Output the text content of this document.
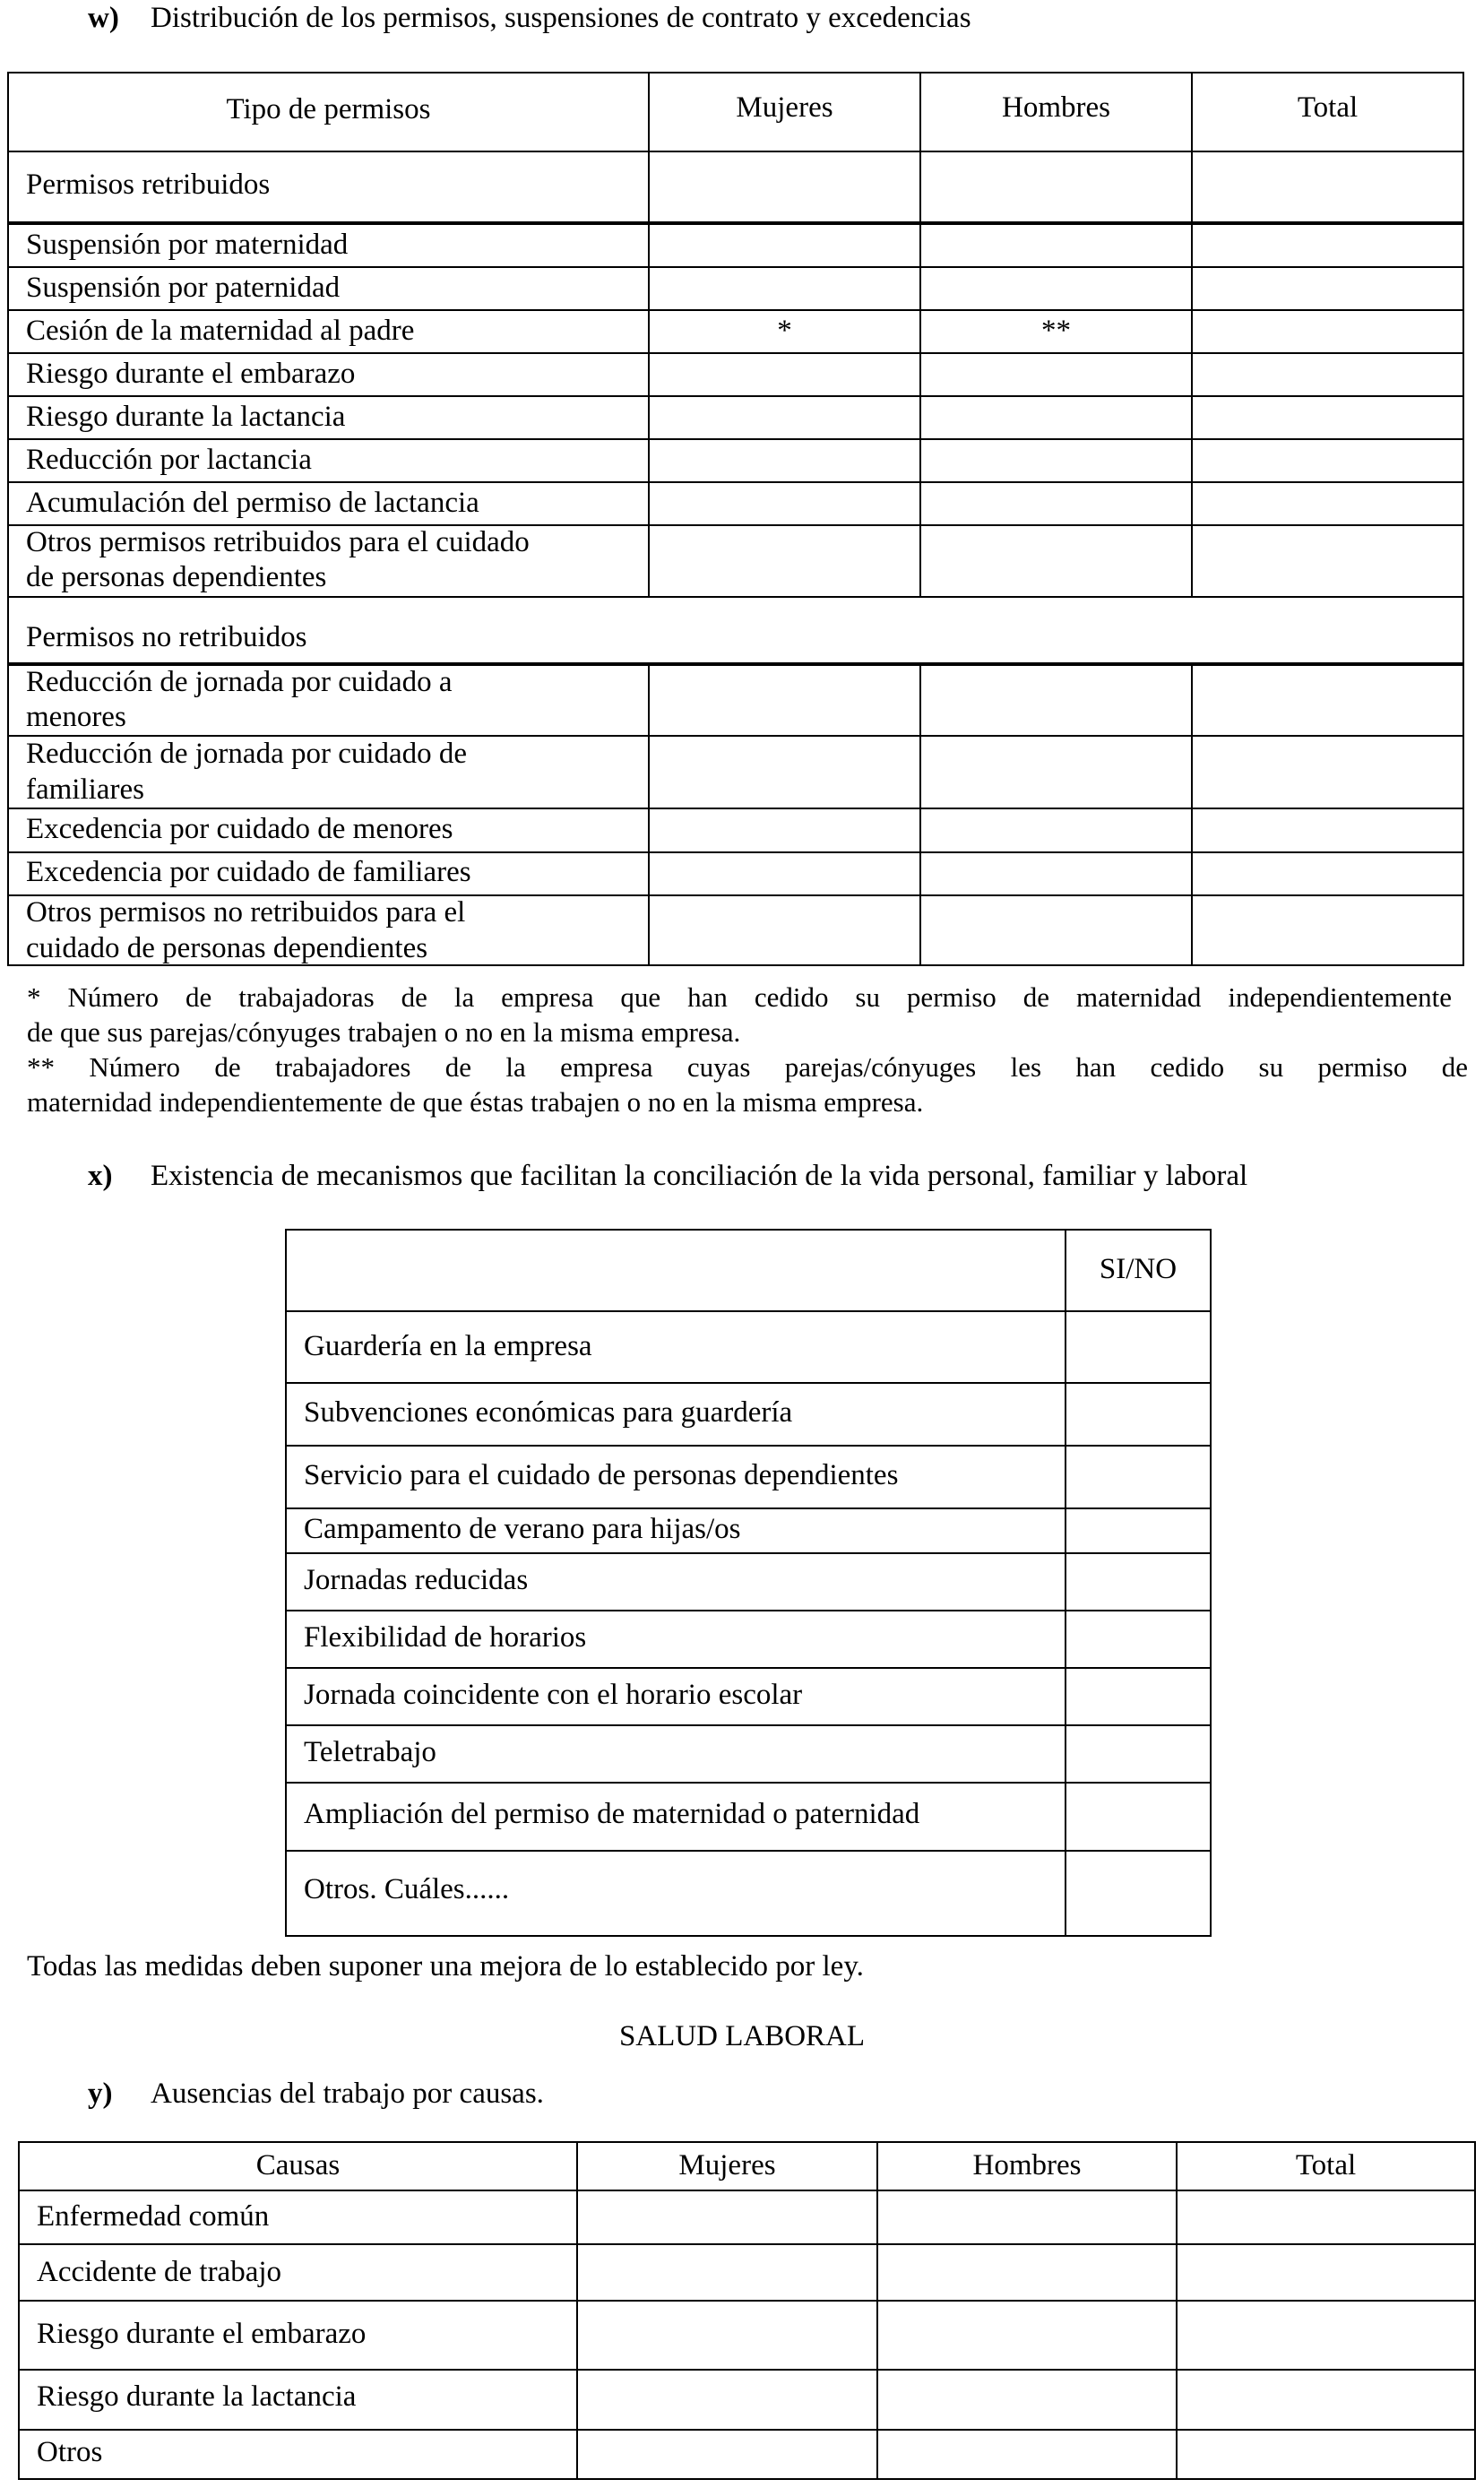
w) Distribución de los permisos, suspensiones de contrato y excedencias
Tipo de permisos	Mujeres	Hombres	Total
Permisos retribuidos
Suspensión por maternidad
Suspensión por paternidad
Cesión de la maternidad al padre	*	**
Riesgo durante el embarazo
Riesgo durante la lactancia
Reducción por lactancia
Acumulación del permiso de lactancia
Otros permisos retribuidos para el cuidado
de personas dependientes
Permisos no retribuidos
Reducción de jornada por cuidado a
menores
Reducción de jornada por cuidado de
familiares
Excedencia por cuidado de menores
Excedencia por cuidado de familiares
Otros permisos no retribuidos para el
cuidado de personas dependientes
* Número de trabajadoras de la empresa que han cedido su permiso de maternidad independientemente
de que sus parejas/cónyuges trabajen o no en la misma empresa.
** Número de trabajadores de la empresa cuyas parejas/cónyuges les han cedido su permiso de
maternidad independientemente de que éstas trabajen o no en la misma empresa.
x) Existencia de mecanismos que facilitan la conciliación de la vida personal, familiar y laboral
SI/NO
Guardería en la empresa
Subvenciones económicas para guardería
Servicio para el cuidado de personas dependientes
Campamento de verano para hijas/os
Jornadas reducidas
Flexibilidad de horarios
Jornada coincidente con el horario escolar
Teletrabajo
Ampliación del permiso de maternidad o paternidad
Otros. Cuáles......
Todas las medidas deben suponer una mejora de lo establecido por ley.
SALUD LABORAL
y) Ausencias del trabajo por causas.
Causas	Mujeres	Hombres	Total
Enfermedad común
Accidente de trabajo
Riesgo durante el embarazo
Riesgo durante la lactancia
Otros
